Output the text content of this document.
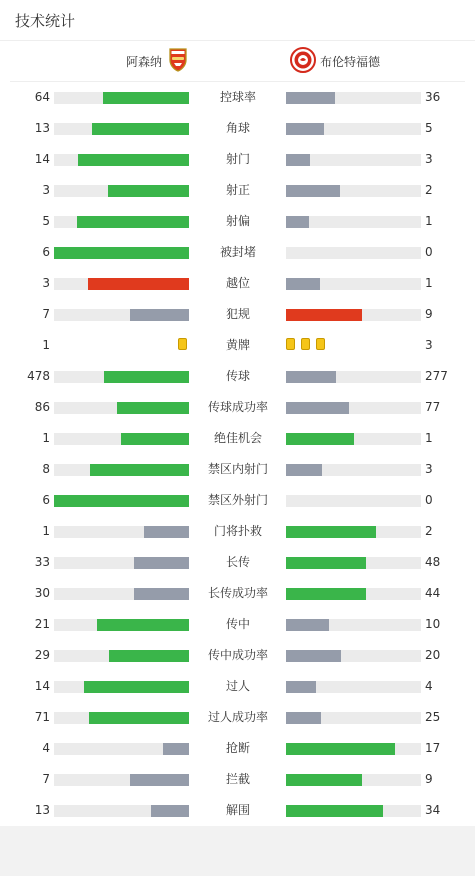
技术统计
阿森纳	布伦特福德
64	控球率	36
13	角球	5
14	射门	3
3	射正	2
5	射偏	1
6	被封堵	0
3	越位	1
7	犯规	9
1	黄牌	3
478	传球	277
86	传球成功率	77
1	绝佳机会	1
8	禁区内射门	3
6	禁区外射门	0
1	门将扑救	2
33	长传	48
30	长传成功率	44
21	传中	10
29	传中成功率	20
14	过人	4
71	过人成功率	25
4	抢断	17
7	拦截	9
13	解围	34
